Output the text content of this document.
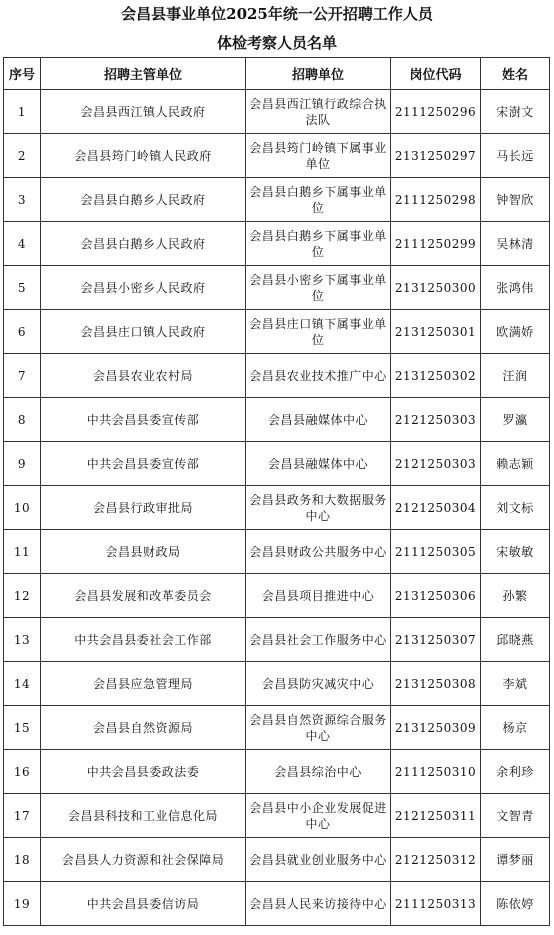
会昌县事业单位2025年统一公开招聘工作人员
体检考察人员名单
序号	招聘主管单位	招聘单位	岗位代码	姓名
1	会昌县西江镇人民政府	会昌县西江镇行政综合执法队	2111250296	宋澍文
2	会昌县筠门岭镇人民政府	会昌县筠门岭镇下属事业单位	2131250297	马长远
3	会昌县白鹅乡人民政府	会昌县白鹅乡下属事业单位	2111250298	钟智欣
4	会昌县白鹅乡人民政府	会昌县白鹅乡下属事业单位	2111250299	吴林清
5	会昌县小密乡人民政府	会昌县小密乡下属事业单位	2131250300	张鸿伟
6	会昌县庄口镇人民政府	会昌县庄口镇下属事业单位	2131250301	欧满娇
7	会昌县农业农村局	会昌县农业技术推广中心	2131250302	汪润
8	中共会昌县委宣传部	会昌县融媒体中心	2121250303	罗瀛
9	中共会昌县委宣传部	会昌县融媒体中心	2121250303	赖志颖
10	会昌县行政审批局	会昌县政务和大数据服务中心	2121250304	刘文标
11	会昌县财政局	会昌县财政公共服务中心	2111250305	宋敏敏
12	会昌县发展和改革委员会	会昌县项目推进中心	2131250306	孙繁
13	中共会昌县委社会工作部	会昌县社会工作服务中心	2131250307	邱晓燕
14	会昌县应急管理局	会昌县防灾减灾中心	2131250308	李斌
15	会昌县自然资源局	会昌县自然资源综合服务中心	2131250309	杨京
16	中共会昌县委政法委	会昌县综治中心	2111250310	余利珍
17	会昌县科技和工业信息化局	会昌县中小企业发展促进中心	2121250311	文智青
18	会昌县人力资源和社会保障局	会昌县就业创业服务中心	2121250312	谭梦丽
19	中共会昌县委信访局	会昌县人民来访接待中心	2111250313	陈依婷
